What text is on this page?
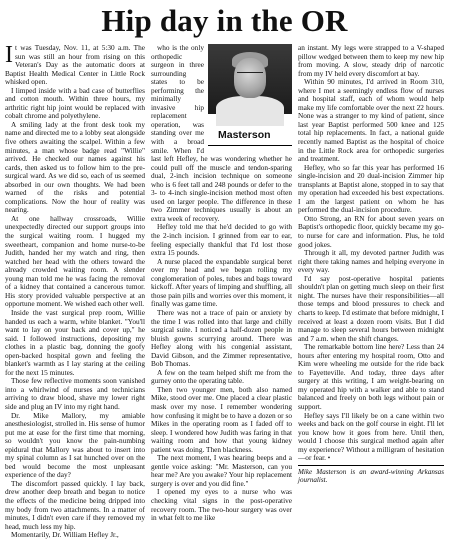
Hip day in the OR

It was Tuesday, Nov. 11, at 5:30 a.m. The sun was still an hour from rising on this Veteran's Day as the automatic doors at Baptist Health Medical Center in Little Rock whisked open.

I limped inside with a bad case of butterflies and cotton mouth. Within three hours, my arthritic right hip joint would be replaced with cobalt chrome and polyethylene.

A smiling lady at the front desk took my name and directed me to a lobby seat alongside five others awaiting the scalpel. Within a few minutes, a man whose badge read "Willie" arrived. He checked our names against his cards, then asked us to follow him to the pre-surgical ward. As we did so, each of us seemed absorbed in our own thoughts. We had been warned of the risks and potential complications. Now the hour of reality was nearing.

At one hallway crossroads, Willie unexpectedly directed our support groups into the surgical waiting room. I hugged my sweetheart, companion and home nurse-to-be Judith, handed her my watch and ring, then watched her head with the others toward the already crowded waiting room. A slender young man told me he was facing the removal of a kidney that contained a cancerous tumor. His story provided valuable perspective at an opportune moment. We wished each other well.

Inside the vast surgical prep room, Willie handed us each a warm, white blanket. "You'll want to lay on your back and cover up," he said. I followed instructions, depositing my clothes in a plastic bag, donning the goofy open-backed hospital gown and feeling the blanket's warmth as I lay staring at the ceiling for the next 15 minutes.

Those few reflective moments soon vanished into a whirlwind of nurses and technicians arriving to draw blood, shave my lower right side and plug an IV into my right hand.

Dr. Mike Mallory, my amiable anesthesiologist, strolled in. His sense of humor put me at ease for the first time that morning, so wouldn't you know the pain-numbing epidural that Mallory was about to insert into my spinal column as I sat hunched over on the bed would become the most unpleasant experience of the day?

The discomfort passed quickly. I lay back, drew another deep breath and began to notice the effects of the medicine being dripped into my body from two attachments. In a matter of minutes, I didn't even care if they removed my head, much less my hip.

Momentarily, Dr. William Hefley Jr.,

Masterson

who is the only orthopedic surgeon in three surrounding states to be performing the minimally invasive hip replacement operation, was standing over me with a broad smile. When I'd last left Hefley, he was wondering whether he could pull off the muscle and tendon-sparing dual, 2-inch incision technique on someone who is 6 feet tall and 248 pounds or defer to the 3- to 4-inch single-incision method most often used on larger people. The difference in these two Zimmer techniques usually is about an extra week of recovery.

Hefley told me that he'd decided to go with the 2-inch incision. I grinned from ear to ear, feeling especially thankful that I'd lost those extra 15 pounds.

A nurse placed the expandable surgical beret over my head and we began rolling my conglomeration of poles, tubes and bags toward kickoff. After years of limping and shuffling, all those pain pills and worries over this moment, it finally was game time.

There was not a trace of pain or anxiety by the time I was rolled into that large and chilly surgical suite. I noticed a half-dozen people in bluish gowns scurrying around. There was Hefley along with his congenial assistant, David Gibson, and the Zimmer representative, Bob Thomas.

A few on the team helped shift me from the gurney onto the operating table.

Then two younger men, both also named Mike, stood over me. One placed a clear plastic mask over my nose. I remember wondering how confusing it might be to have a dozen or so Mikes in the operating room as I faded off to sleep. I wondered how Judith was faring in that waiting room and how that young kidney patient was doing. Then blackness.

The next moment, I was hearing beeps and a gentle voice asking: "Mr. Masterson, can you hear me? Are you awake? Your hip replacement surgery is over and you did fine."

I opened my eyes to a nurse who was checking vital signs in the post-operative recovery room. The two-hour surgery was over in what felt to me like

an instant. My legs were strapped to a V-shaped pillow wedged between them to keep my new hip from moving. A slow, steady drip of narcotic from my IV held every discomfort at bay.

Within 90 minutes, I'd arrived in Room 310, where I met a seemingly endless flow of nurses and hospital staff, each of whom would help make my life comfortable over the next 22 hours. None was a stranger to my kind of patient, since last year Baptist performed 500 knee and 125 total hip replacements. In fact, a national guide recently named Baptist as the hospital of choice in the Little Rock area for orthopedic surgeries and treatment.

Hefley, who so far this year has performed 16 single-incision and 20 dual-incision Zimmer hip transplants at Baptist alone, stopped in to say that my operation had exceeded his best expectations. I am the largest patient on whom he has performed the dual-incision procedure.

Otto Strong, an RN for about seven years on Baptist's orthopedic floor, quickly became my go-to nurse for care and information. Plus, he told good jokes.

Through it all, my devoted partner Judith was right there taking names and helping everyone in every way.

I'd say post-operative hospital patients shouldn't plan on getting much sleep on their first night. The nurses have their responsibilities—all those temps and blood pressures to check and charts to keep. I'd estimate that before midnight, I received at least a dozen room visits. But I did manage to sleep several hours between midnight and 7 a.m. when the shift changes.

The remarkable bottom line here? Less than 24 hours after entering my hospital room, Otto and Kim were wheeling me outside for the ride back to Fayetteville. And today, three days after surgery at this writing, I am weight-bearing on my operated hip with a walker and able to stand balanced and freely on both legs without pain or support.

Hefley says I'll likely be on a cane within two weeks and back on the golf course in eight. I'll let you know how it goes from here. Until then, would I choose this surgical method again after my experience? Without a milligram of hesitation—or fear. •

Mike Masterson is an award-winning Arkansas journalist.
